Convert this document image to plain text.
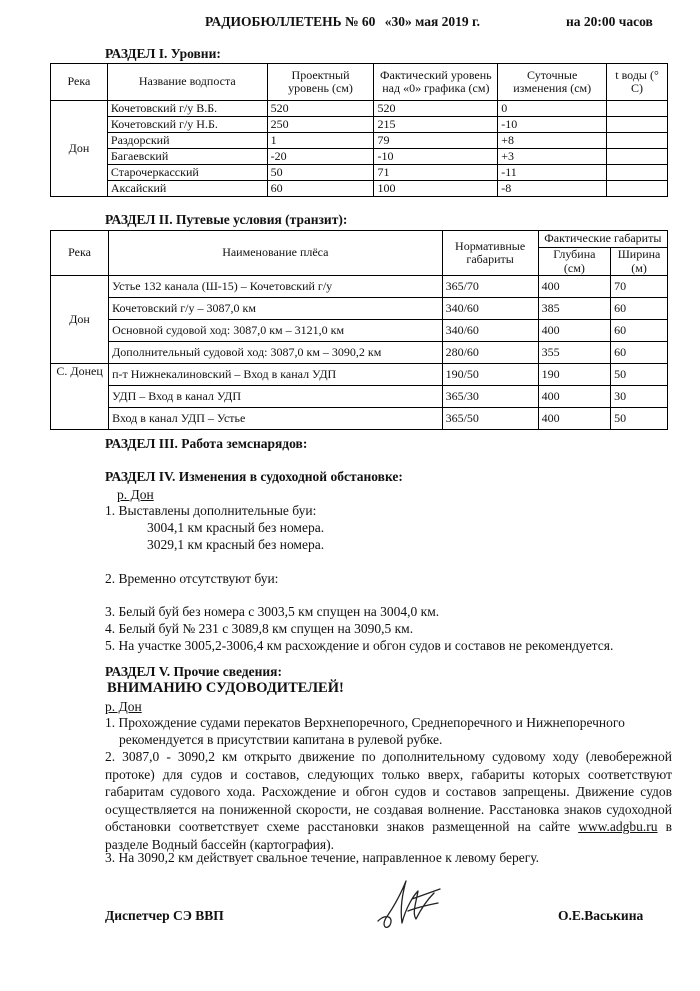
РАДИОБЮЛЛЕТЕНЬ № 60 «30» мая 2019 г.	на 20:00 часов
РАЗДЕЛ I. Уровни:
Река	Название водпоста	Проектный уровень (см)	Фактический уровень над «0» графика (см)	Суточные изменения (см)	t воды (° С)
Дон	Кочетовский г/у В.Б.	520	520	0	
	Кочетовский г/у Н.Б.	250	215	-10	
	Раздорский	1	79	+8	
	Багаевский	-20	-10	+3	
	Старочеркасский	50	71	-11	
	Аксайский	60	100	-8	
РАЗДЕЛ II. Путевые условия (транзит):
Река	Наименование плёса	Нормативные габариты	Фактические габариты	
			Глубина (см)	Ширина (м)
Дон	Устье 132 канала (Ш-15) – Кочетовский г/у	365/70	400	70
	Кочетовский г/у – 3087,0 км	340/60	385	60
	Основной судовой ход: 3087,0 км – 3121,0 км	340/60	400	60
	Дополнительный судовой ход: 3087,0 км – 3090,2 км	280/60	355	60
С. Донец	п-т Нижнекалиновский – Вход в канал УДП	190/50	190	50
	УДП – Вход в канал УДП	365/30	400	30
	Вход в канал УДП – Устье	365/50	400	50
РАЗДЕЛ III. Работа земснарядов:
РАЗДЕЛ IV. Изменения в судоходной обстановке:
р. Дон
1. Выставлены дополнительные буи:
3004,1 км красный без номера.
3029,1 км красный без номера.
2. Временно отсутствуют буи:
3. Белый буй без номера с 3003,5 км спущен на 3004,0 км.
4. Белый буй № 231 с 3089,8 км спущен на 3090,5 км.
5. На участке 3005,2-3006,4 км расхождение и обгон судов и составов не рекомендуется.
РАЗДЕЛ V. Прочие сведения:
ВНИМАНИЮ СУДОВОДИТЕЛЕЙ!
р. Дон
1. Прохождение судами перекатов Верхнепоречного, Среднепоречного и Нижнепоречного
рекомендуется в присутствии капитана в рулевой рубке.
2. 3087,0 - 3090,2 км открыто движение по дополнительному судовому ходу (левобережной протоке) для судов и составов, следующих только вверх, габариты которых соответствуют габаритам судового хода. Расхождение и обгон судов и составов запрещены. Движение судов осуществляется на пониженной скорости, не создавая волнение. Расстановка знаков судоходной обстановки соответствует схеме расстановки знаков размещенной на сайте www.adgbu.ru в разделе Водный бассейн (картография).
3. На 3090,2 км действует свальное течение, направленное к левому берегу.
Диспетчер СЭ ВВП	О.Е.Васькина
